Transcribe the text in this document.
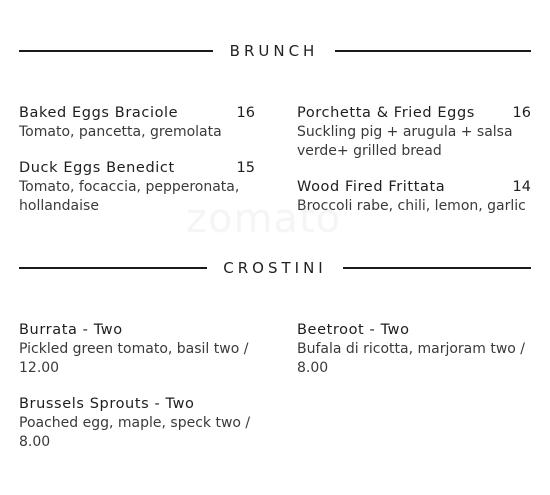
BRUNCH
Baked Eggs Braciole	16
Tomato, pancetta, gremolata
Duck Eggs Benedict	15
Tomato, focaccia, pepperonata, hollandaise
Porchetta & Fried Eggs	16
Suckling pig + arugula + salsa verde+ grilled bread
Wood Fired Frittata	14
Broccoli rabe, chili, lemon, garlic
zomato
CROSTINI
Burrata - Two
Pickled green tomato, basil two / 12.00
Brussels Sprouts - Two
Poached egg, maple, speck two / 8.00
Beetroot - Two
Bufala di ricotta, marjoram two / 8.00
